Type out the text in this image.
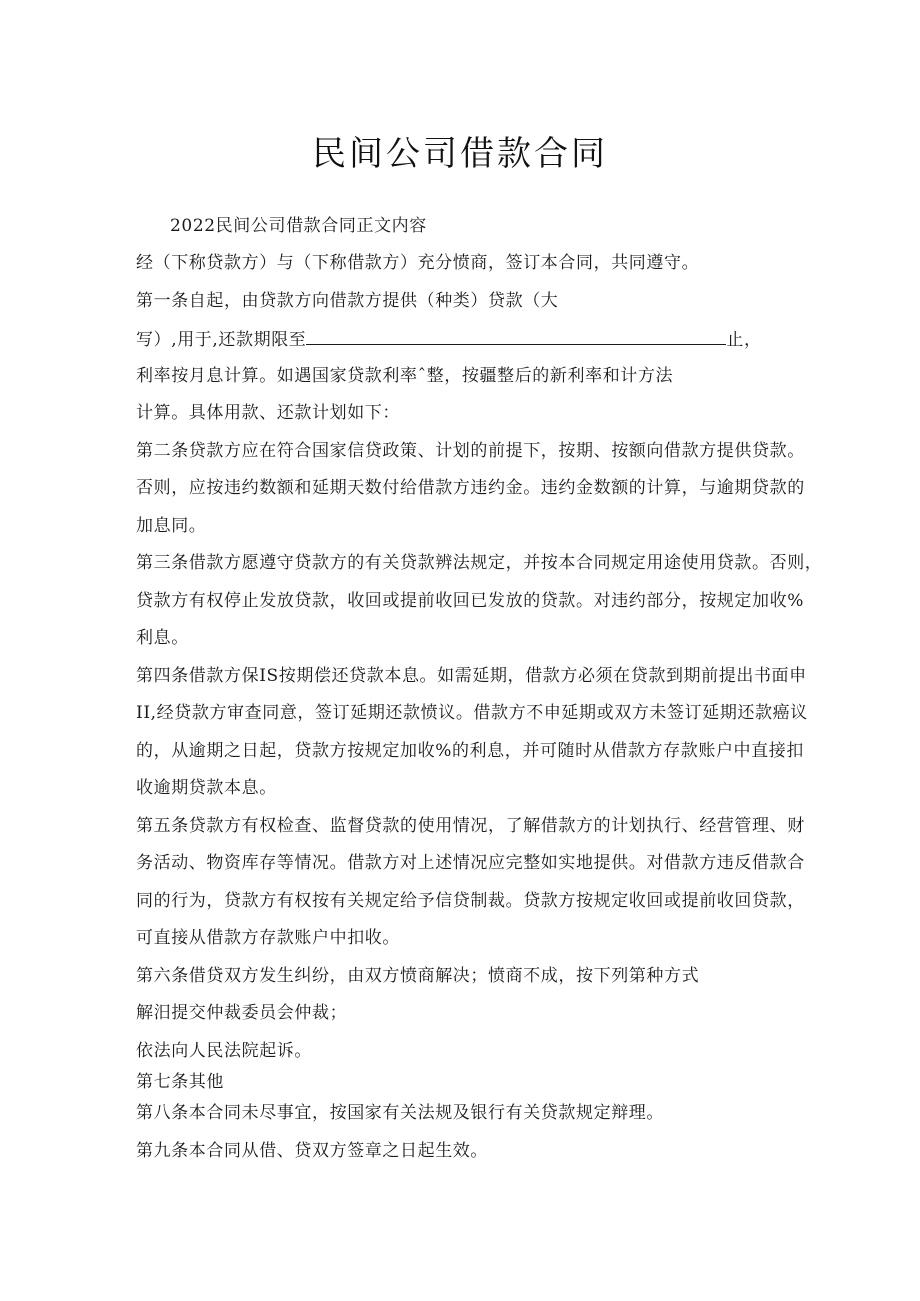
民间公司借款合同
2022民间公司借款合同正文内容
经（下称贷款方）与（下称借款方）充分愤商，签订本合同，共同遵守。
第一条自起，由贷款方向借款方提供（种类）贷款（大
写）,用于,还款期限至	止，
利率按月息计算。如遇国家贷款利率ˆ整，按疆整后的新利率和计方法
计算。具体用款、还款计划如下：
第二条贷款方应在符合国家信贷政策、计划的前提下，按期、按额向借款方提供贷款。
否则，应按违约数额和延期天数付给借款方违约金。违约金数额的计算，与逾期贷款的
加息同。
第三条借款方愿遵守贷款方的有关贷款辨法规定，并按本合同规定用途使用贷款。否则，
贷款方有权停止发放贷款，收回或提前收回已发放的贷款。对违约部分，按规定加收%
利息。
第四条借款方保IS按期偿还贷款本息。如需延期，借款方必须在贷款到期前提出书面申
II,经贷款方审查同意，签订延期还款愤议。借款方不申延期或双方未签订延期还款癌议
的，从逾期之日起，贷款方按规定加收%的利息，并可随时从借款方存款账户中直接扣
收逾期贷款本息。
第五条贷款方有权检查、监督贷款的使用情况，了解借款方的计划执行、经营管理、财
务活动、物资库存等情况。借款方对上述情况应完整如实地提供。对借款方违反借款合
同的行为，贷款方有权按有关规定给予信贷制裁。贷款方按规定收回或提前收回贷款，
可直接从借款方存款账户中扣收。
第六条借贷双方发生纠纷，由双方愤商解决；愤商不成，按下列第种方式
解汨提交仲裁委员会仲裁；
依法向人民法院起诉。
第七条其他
第八条本合同未尽事宜，按国家有关法规及银行有关贷款规定辩理。
第九条本合同从借、贷双方签章之日起生效。
